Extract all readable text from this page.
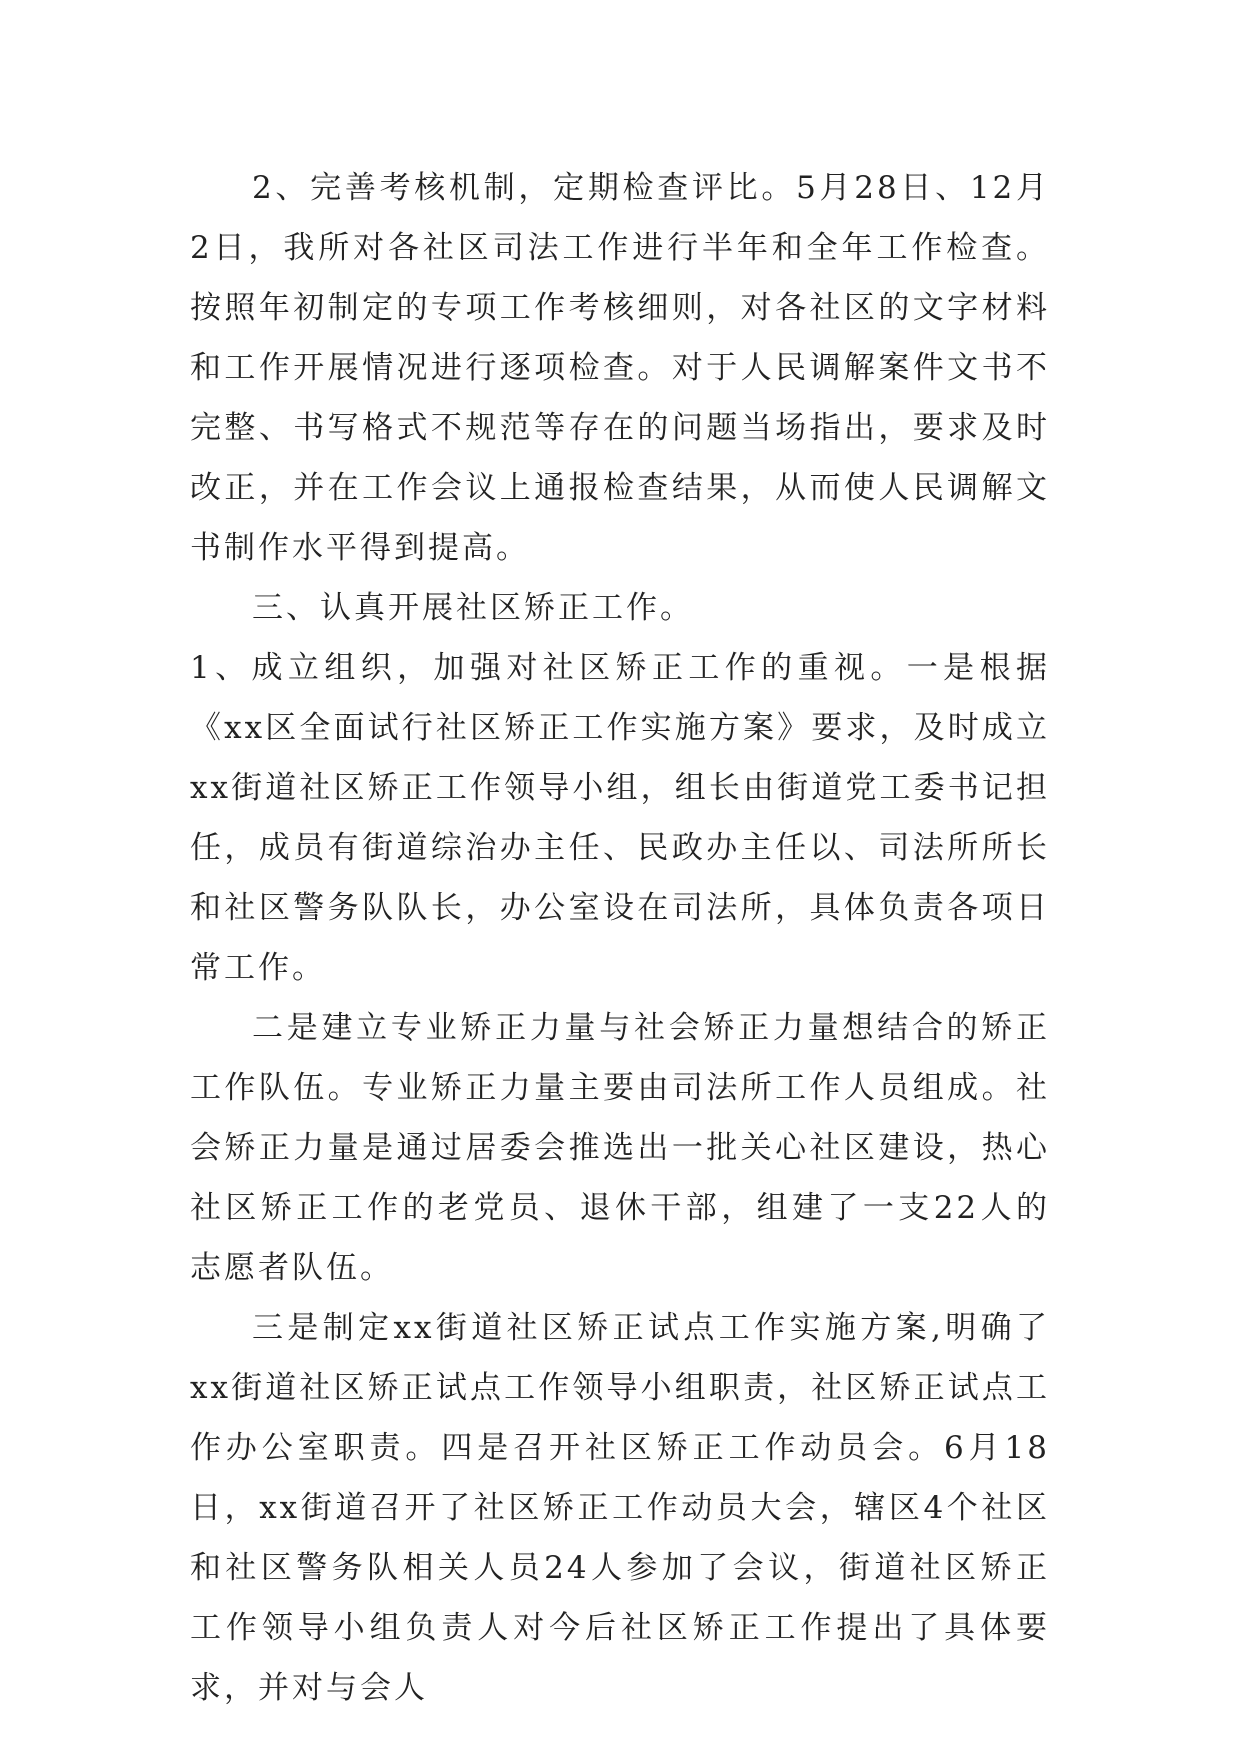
2、完善考核机制，定期检查评比。5月28日、12月2日，我所对各社区司法工作进行半年和全年工作检查。按照年初制定的专项工作考核细则，对各社区的文字材料和工作开展情况进行逐项检查。对于人民调解案件文书不完整、书写格式不规范等存在的问题当场指出，要求及时改正，并在工作会议上通报检查结果，从而使人民调解文书制作水平得到提高。

三、认真开展社区矫正工作。

1、成立组织，加强对社区矫正工作的重视。一是根据《xx区全面试行社区矫正工作实施方案》要求，及时成立xx街道社区矫正工作领导小组，组长由街道党工委书记担任，成员有街道综治办主任、民政办主任以、司法所所长和社区警务队队长，办公室设在司法所，具体负责各项日常工作。

二是建立专业矫正力量与社会矫正力量想结合的矫正工作队伍。专业矫正力量主要由司法所工作人员组成。社会矫正力量是通过居委会推选出一批关心社区建设，热心社区矫正工作的老党员、退休干部，组建了一支22人的志愿者队伍。

三是制定xx街道社区矫正试点工作实施方案,明确了xx街道社区矫正试点工作领导小组职责，社区矫正试点工作办公室职责。四是召开社区矫正工作动员会。6月18日，xx街道召开了社区矫正工作动员大会，辖区4个社区和社区警务队相关人员24人参加了会议，街道社区矫正工作领导小组负责人对今后社区矫正工作提出了具体要求，并对与会人
